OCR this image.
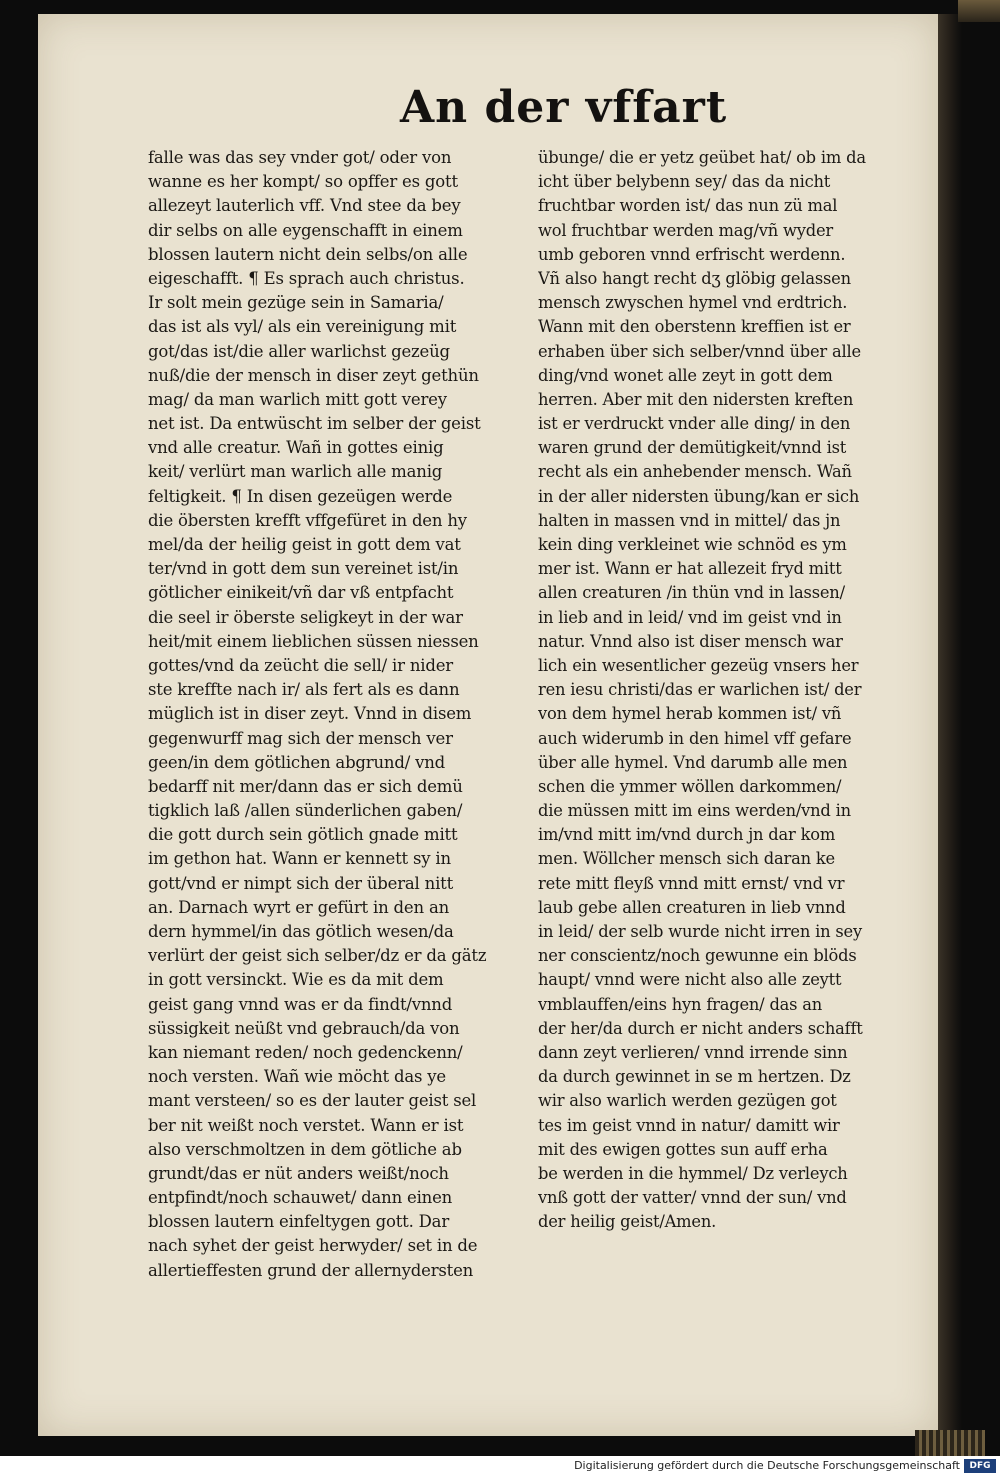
An der vffart
falle was das sey vnder got/ oder von
wanne es her kompt/ so opffer es gott
allezeyt lauterlich vff. Vnd stee da bey
dir selbs on alle eygenschafft in einem
blossen lautern nicht dein selbs/on alle
eigeschafft. ¶ Es sprach auch christus.
Ir solt mein gezüge sein in Samaria/
das ist als vyl/ als ein vereinigung mit
got/das ist/die aller warlichst gezeüg
nuß/die der mensch in diser zeyt gethün
mag/ da man warlich mitt gott verey
net ist. Da entwüscht im selber der geist
vnd alle creatur. Wañ in gottes einig
keit/ verlürt man warlich alle manig
feltigkeit. ¶ In disen gezeügen werde
die öbersten krefft vffgefüret in den hy
mel/da der heilig geist in gott dem vat
ter/vnd in gott dem sun vereinet ist/in
götlicher einikeit/vñ dar vß entpfacht
die seel ir öberste seligkeyt in der war
heit/mit einem lieblichen süssen niessen
gottes/vnd da zeücht die sell/ ir nider
ste kreffte nach ir/ als fert als es dann
müglich ist in diser zeyt. Vnnd in disem
gegenwurff mag sich der mensch ver
geen/in dem götlichen abgrund/ vnd
bedarff nit mer/dann das er sich demü
tigklich laß /allen sünderlichen gaben/
die gott durch sein götlich gnade mitt
im gethon hat. Wann er kennett sy in
gott/vnd er nimpt sich der überal nitt
an. Darnach wyrt er gefürt in den an
dern hymmel/in das götlich wesen/da
verlürt der geist sich selber/dz er da gätz
in gott versinckt. Wie es da mit dem
geist gang vnnd was er da findt/vnnd
süssigkeit neüßt vnd gebrauch/da von
kan niemant reden/ noch gedenckenn/
noch versten. Wañ wie möcht das ye
mant versteen/ so es der lauter geist sel
ber nit weißt noch verstet. Wann er ist
also verschmoltzen in dem götliche ab
grundt/das er nüt anders weißt/noch
entpfindt/noch schauwet/ dann einen
blossen lautern einfeltygen gott. Dar
nach syhet der geist herwyder/ set in de
allertieffesten grund der allernydersten
übunge/ die er yetz geübet hat/ ob im da
icht über belybenn sey/ das da nicht
fruchtbar worden ist/ das nun zü mal
wol fruchtbar werden mag/vñ wyder
umb geboren vnnd erfrischt werdenn.
Vñ also hangt recht dʒ glöbig gelassen
mensch zwyschen hymel vnd erdtrich.
Wann mit den oberstenn kreffien ist er
erhaben über sich selber/vnnd über alle
ding/vnd wonet alle zeyt in gott dem
herren. Aber mit den nidersten kreften
ist er verdruckt vnder alle ding/ in den
waren grund der demütigkeit/vnnd ist
recht als ein anhebender mensch. Wañ
in der aller nidersten übung/kan er sich
halten in massen vnd in mittel/ das jn
kein ding verkleinet wie schnöd es ym
mer ist. Wann er hat allezeit fryd mitt
allen creaturen /in thün vnd in lassen/
in lieb and in leid/ vnd im geist vnd in
natur. Vnnd also ist diser mensch war
lich ein wesentlicher gezeüg vnsers her
ren iesu christi/das er warlichen ist/ der
von dem hymel herab kommen ist/ vñ
auch widerumb in den himel vff gefare
über alle hymel. Vnd darumb alle men
schen die ymmer wöllen darkommen/
die müssen mitt im eins werden/vnd in
im/vnd mitt im/vnd durch jn dar kom
men. Wöllcher mensch sich daran ke
rete mitt fleyß vnnd mitt ernst/ vnd vr
laub gebe allen creaturen in lieb vnnd
in leid/ der selb wurde nicht irren in sey
ner conscientz/noch gewunne ein blöds
haupt/ vnnd were nicht also alle zeytt
vmblauffen/eins hyn fragen/ das an
der her/da durch er nicht anders schafft
dann zeyt verlieren/ vnnd irrende sinn
da durch gewinnet in se m hertzen. Dz
wir also warlich werden gezügen got
tes im geist vnnd in natur/ damitt wir
mit des ewigen gottes sun auff erha
be werden in die hymmel/ Dz verleych
vnß gott der vatter/ vnnd der sun/ vnd
der heilig geist/Amen.
Digitalisierung gefördert durch die Deutsche Forschungsgemeinschaft	DFG
